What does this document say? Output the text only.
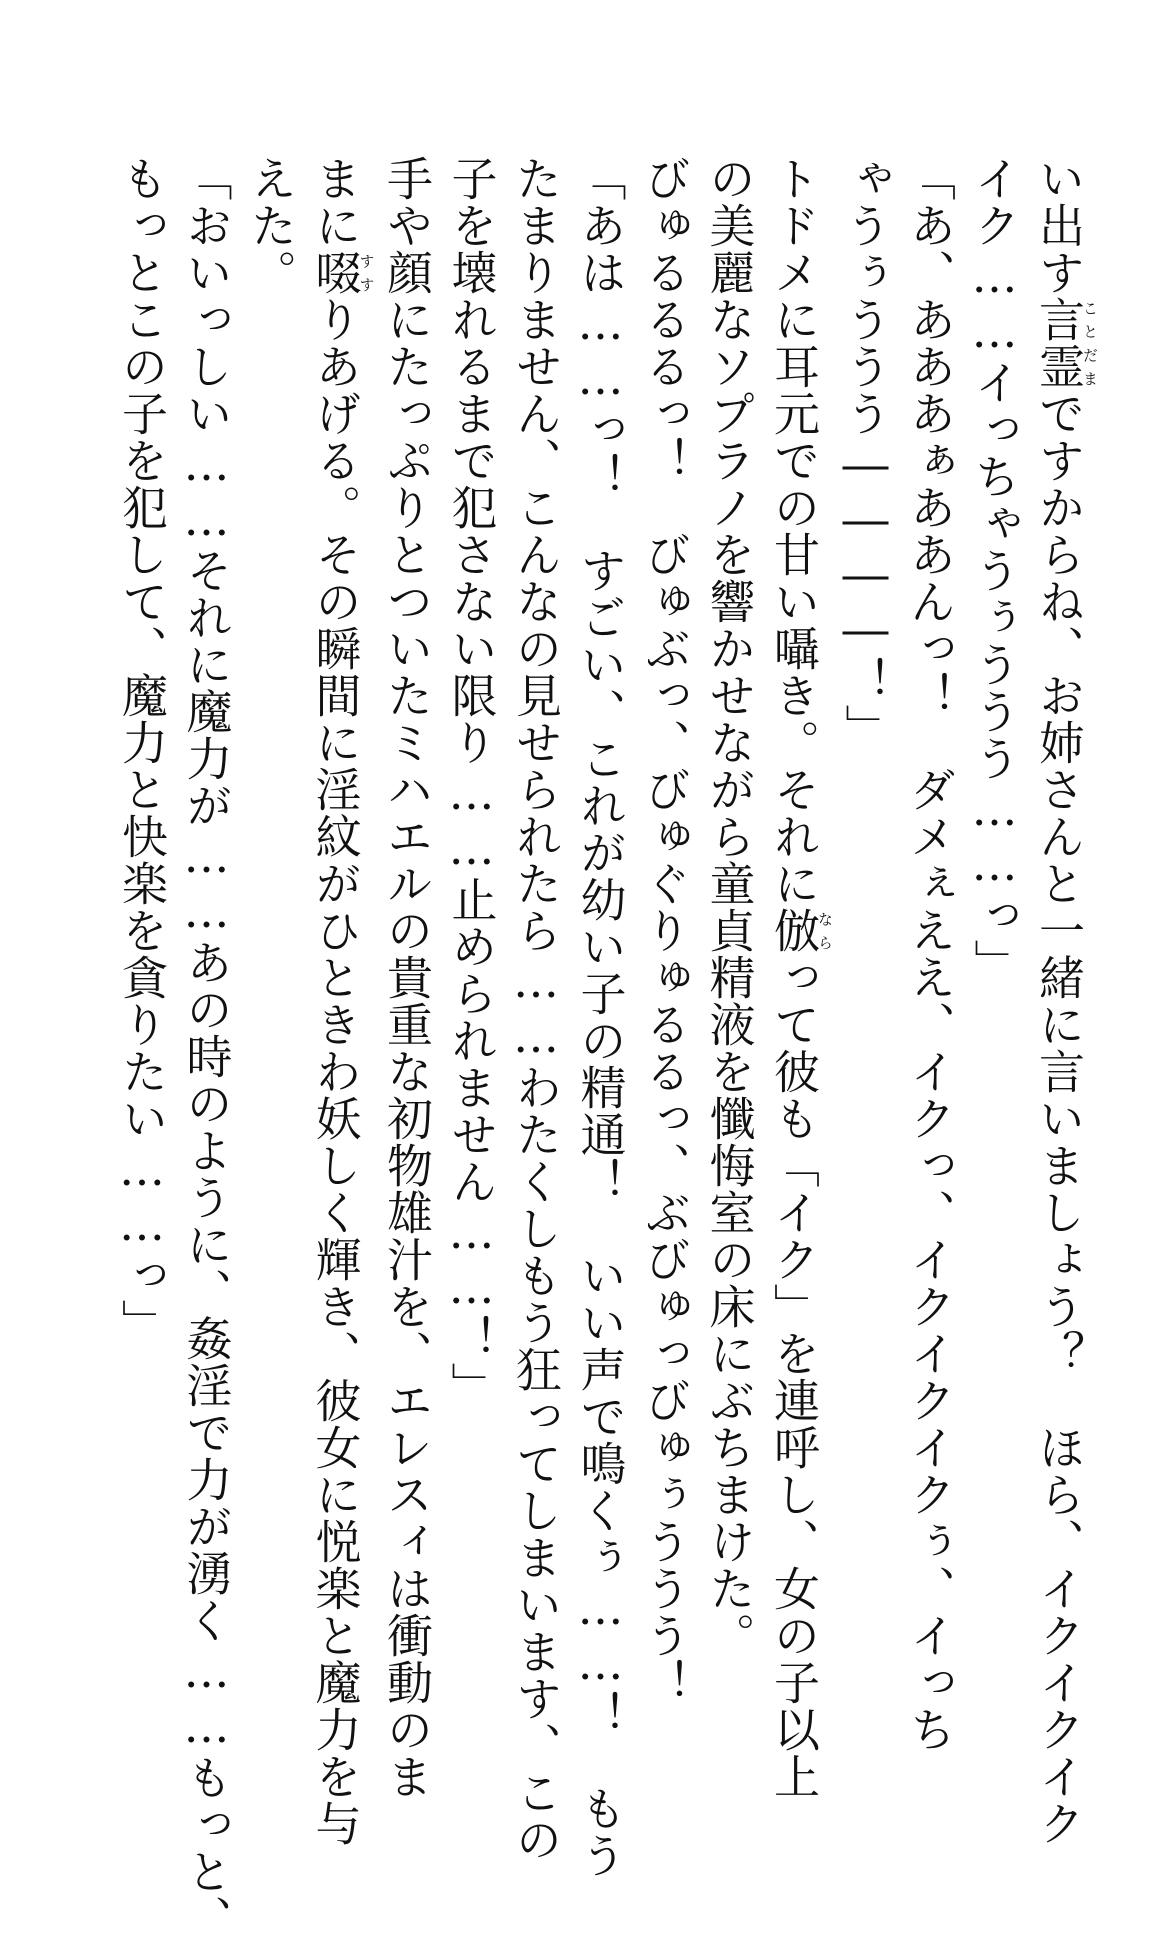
い出す言霊ことだまですからね、お姉さんと一緒に言いましょう？　ほら、イクイクイク

イク……イっちゃうぅううう……っ」

「あ、あああぁああんっ！　ダメぇええ、イクっ、イクイクイクぅ、イっち

ゃうぅううう――――！」

トドメに耳元での甘い囁き。それに倣ならって彼も「イク」を連呼し、女の子以上

の美麗なソプラノを響かせながら童貞精液を懺悔室の床にぶちまけた。

びゅるるるっ！　びゅぶっ、びゅぐりゅるるっ、ぶびゅっびゅぅううう！

「あは……っ！　すごい、これが幼い子の精通！　いい声で鳴くぅ……！　もう

たまりません、こんなの見せられたら……わたくしもう狂ってしまいます、この

子を壊れるまで犯さない限り……止められません……！」

手や顔にたっぷりとついたミハエルの貴重な初物雄汁を、エレスィは衝動のま

まに啜すすりあげる。その瞬間に淫紋がひときわ妖しく輝き、彼女に悦楽と魔力を与

えた。

「おいっしい……それに魔力が……あの時のように、姦淫で力が湧く……もっと、

もっとこの子を犯して、魔力と快楽を貪りたい……っ」
